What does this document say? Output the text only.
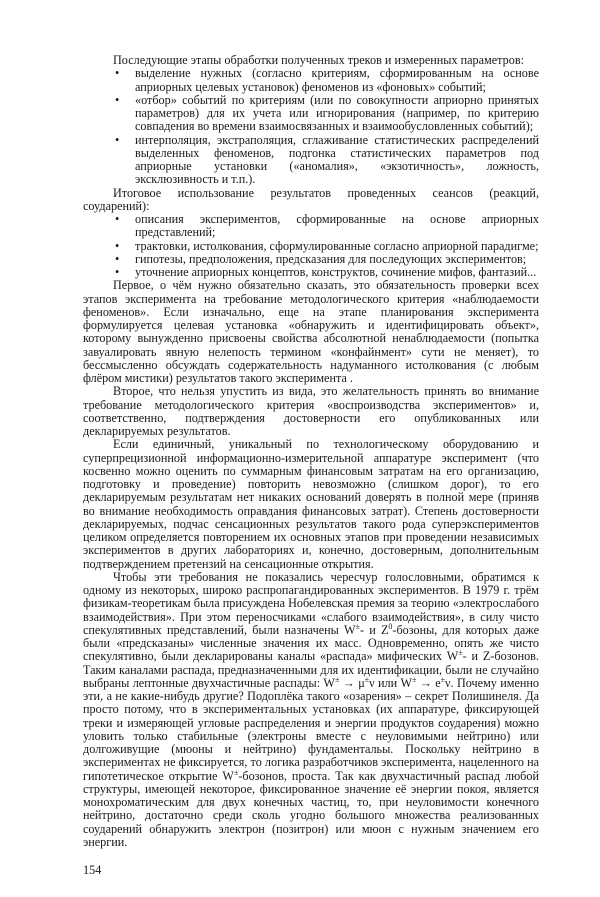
Последующие этапы обработки полученных треков и измеренных параметров:

• выделение нужных (согласно критериям, сформированным на основе априорных целевых установок) феноменов из «фоновых» событий;
• «отбор» событий по критериям (или по совокупности априорно принятых параметров) для их учета или игнорирования (например, по критерию совпадения во времени взаимосвязанных и взаимообусловленных событий);
• интерполяция, экстраполяция, сглаживание статистических распределений выделенных феноменов, подгонка статистических параметров под априорные установки («аномалия», «экзотичность», ложность, эксклюзивность и т.п.).

Итоговое использование результатов проведенных сеансов (реакций, соударений):

• описания экспериментов, сформированные на основе априорных представлений;
• трактовки, истолкования, сформулированные согласно априорной парадигме;
• гипотезы, предположения, предсказания для последующих экспериментов;
• уточнение априорных концептов, конструктов, сочинение мифов, фантазий...

Первое, о чём нужно обязательно сказать, это обязательность проверки всех этапов эксперимента на требование методологического критерия «наблюдаемости феноменов». Если изначально, еще на этапе планирования эксперимента формулируется целевая установка «обнаружить и идентифицировать объект», которому вынужденно присвоены свойства абсолютной ненаблюдаемости (попытка завуалировать явную нелепость термином «конфайнмент» сути не меняет), то бессмысленно обсуждать содержательность надуманного истолкования (с любым флёром мистики) результатов такого эксперимента .

Второе, что нельзя упустить из вида, это желательность принять во внимание требование методологического критерия «воспроизводства экспериментов» и, соответственно, подтверждения достоверности его опубликованных или декларируемых результатов.

Если единичный, уникальный по технологическому оборудованию и суперпрецизионной информационно-измерительной аппаратуре эксперимент (что косвенно можно оценить по суммарным финансовым затратам на его организацию, подготовку и проведение) повторить невозможно (слишком дорог), то его декларируемым результатам нет никаких оснований доверять в полной мере (приняв во внимание необходимость оправдания финансовых затрат). Степень достоверности декларируемых, подчас сенсационных результатов такого рода суперэкспериментов целиком определяется повторением их основных этапов при проведении независимых экспериментов в других лабораториях и, конечно, достоверным, дополнительным подтверждением претензий на сенсационные открытия.

Чтобы эти требования не показались чересчур голословными, обратимся к одному из некоторых, широко распропагандированных экспериментов. В 1979 г. трём физикам-теоретикам была присуждена Нобелевская премия за теорию «электрослабого взаимодействия». При этом переносчиками «слабого взаимодействия», в силу чисто спекулятивных представлений, были назначены W±- и $Z^0$-бозоны, для которых даже были «предсказаны» численные значения их масс. Одновременно, опять же чисто спекулятивно, были декларированы каналы «распада» мифических W±- и Z-бозонов. Таким каналами распада, предназначенными для их идентификации, были не случайно выбраны лептонные двухчастичные распады: W± → μ±ν или W± → e±ν. Почему именно эти, а не какие-нибудь другие? Подоплёка такого «озарения» – секрет Полишинеля. Да просто потому, что в экспериментальных установках (их аппаратуре, фиксирующей треки и измеряющей угловые распределения и энергии продуктов соударения) можно уловить только стабильные (электроны вместе с неуловимыми нейтрино) или долгоживущие (мюоны и нейтрино) фундаментальы. Поскольку нейтрино в экспериментах не фиксируется, то логика разработчиков эксперимента, нацеленного на гипотетическое открытие W±-бозонов, проста. Так как двухчастичный распад любой структуры, имеющей некоторое, фиксированное значение её энергии покоя, является монохроматическим для двух конечных частиц, то, при неуловимости конечного нейтрино, достаточно среди сколь угодно большого множества реализованных соударений обнаружить электрон (позитрон) или мюон с нужным значением его энергии.

154
